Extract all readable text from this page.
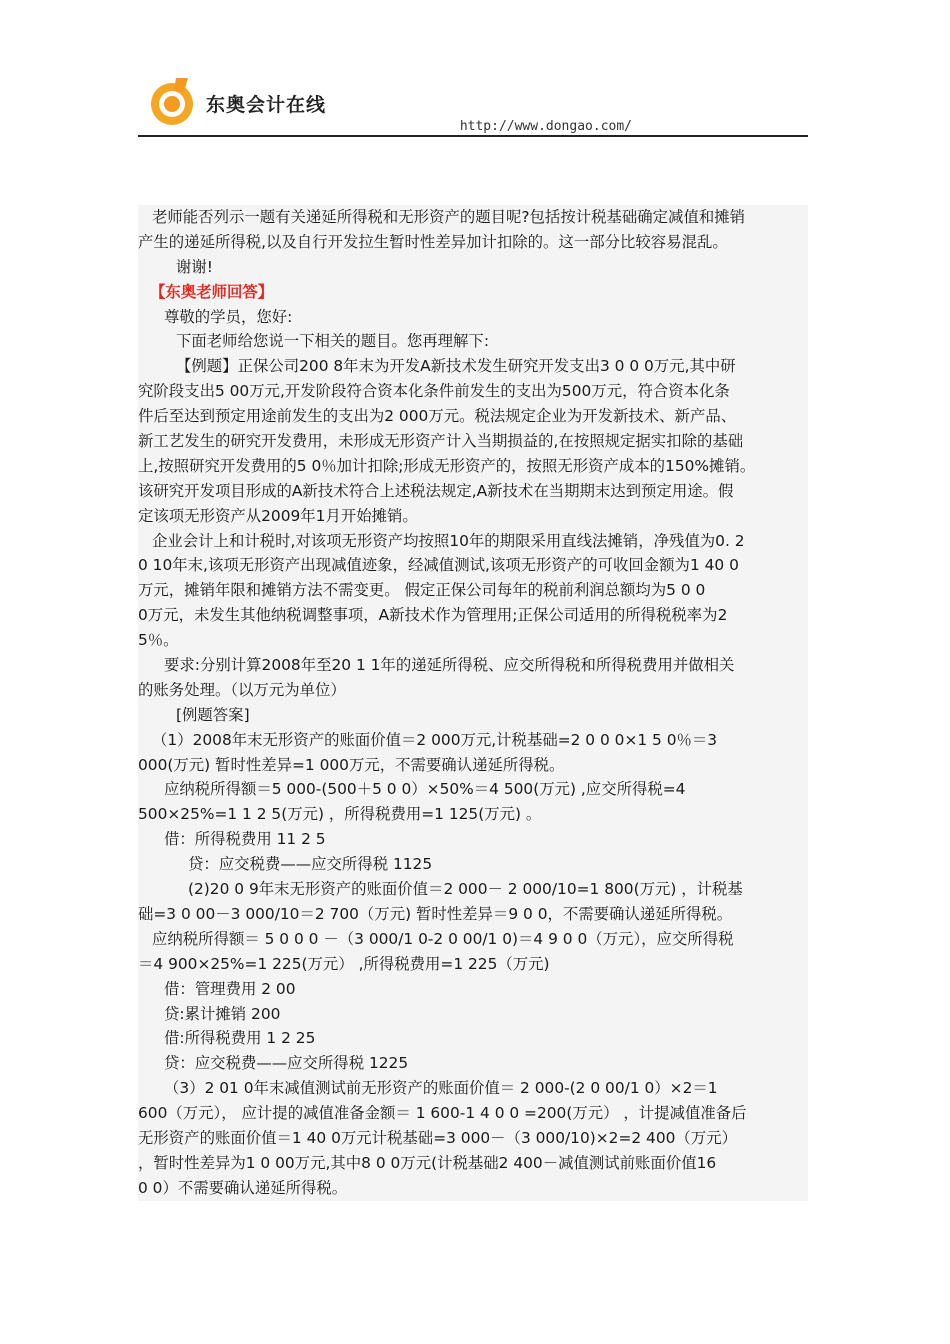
东奥会计在线
http://www.dongao.com/
老师能否列示一题有关递延所得税和无形资产的题目呢?包括按计税基础确定减值和摊销
产生的递延所得税,以及自行开发拉生暂时性差异加计扣除的。这一部分比较容易混乱。
谢谢!
【东奥老师回答】
尊敬的学员，您好:
下面老师给您说一下相关的题目。您再理解下:
【例题】正保公司200 8年末为开发A新技术发生研究开发支出3 0 0 0万元,其中研
究阶段支出5 00万元,开发阶段符合资本化条件前发生的支出为500万元，符合资本化条
件后至达到预定用途前发生的支出为2 000万元。税法规定企业为开发新技术、新产品、
新工艺发生的研究开发费用，未形成无形资产计入当期损益的,在按照规定据实扣除的基础
上,按照研究开发费用的5 0％加计扣除;形成无形资产的，按照无形资产成本的150%摊销。
该研究开发项目形成的A新技术符合上述税法规定,A新技术在当期期末达到预定用途。假
定该项无形资产从2009年1月开始摊销。
企业会计上和计税时,对该项无形资产均按照10年的期限采用直线法摊销，净残值为0. 2
0 10年末,该项无形资产出现减值迹象，经减值测试,该项无形资产的可收回金额为1 40 0
万元，摊销年限和摊销方法不需变更。 假定正保公司每年的税前利润总额均为5 0 0
0万元，未发生其他纳税调整事项，A新技术作为管理用;正保公司适用的所得税税率为2
5％。
要求:分别计算2008年至20 1 1年的递延所得税、应交所得税和所得税费用并做相关
的账务处理。（以万元为单位）
[例题答案]
（1）2008年末无形资产的账面价值＝2 000万元,计税基础=2 0 0 0×1 5 0％＝3
000(万元) 暂时性差异=1 000万元，不需要确认递延所得税。
应纳税所得额＝5 000-(500＋5 0 0）×50%＝4 500(万元) ,应交所得税=4
500×25%=1 1 2 5(万元) ，所得税费用=1 125(万元) 。
借：所得税费用 11 2 5
贷：应交税费——应交所得税 1125
(2)20 0 9年末无形资产的账面价值＝2 000－ 2 000/10=1 800(万元) ，计税基
础=3 0 00－3 000/10＝2 700（万元) 暂时性差异＝9 0 0，不需要确认递延所得税。
应纳税所得额＝ 5 0 0 0 －（3 000/1 0-2 0 00/1 0)＝4 9 0 0（万元），应交所得税
＝4 900×25%=1 225(万元） ,所得税费用=1 225（万元)
借：管理费用 2 00
贷:累计摊销 200
借:所得税费用 1 2 25
贷：应交税费——应交所得税 1225
（3）2 01 0年末减值测试前无形资产的账面价值＝ 2 000-(2 0 00/1 0）×2＝1
600（万元）， 应计提的减值准备金额＝ 1 600-1 4 0 0 =200(万元） ，计提减值准备后
无形资产的账面价值＝1 40 0万元计税基础=3 000－（3 000/10)×2=2 400（万元）
，暂时性差异为1 0 00万元,其中8 0 0万元(计税基础2 400－减值测试前账面价值16
0 0）不需要确认递延所得税。
